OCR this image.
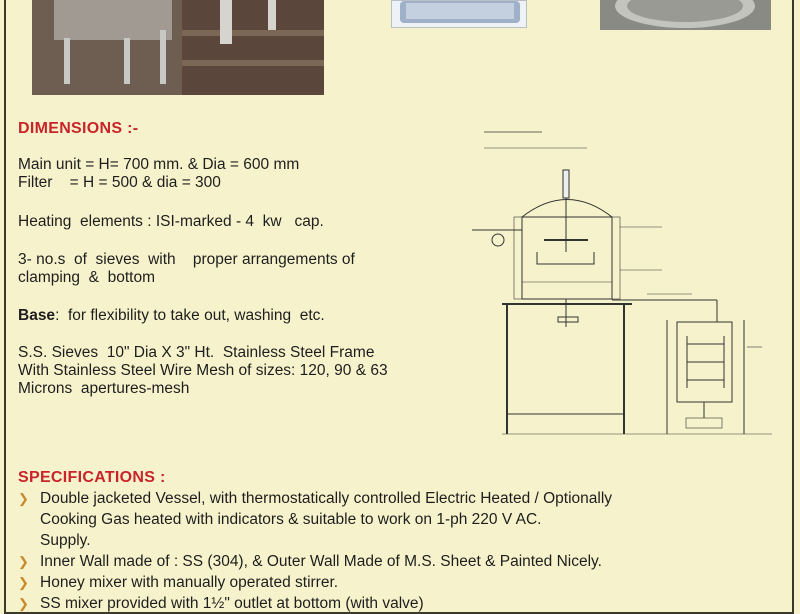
DIMENSIONS :-
Main unit = H= 700 mm. & Dia = 600 mm
Filter    = H = 500 & dia = 300
Heating  elements : ISI-marked - 4  kw   cap.
3- no.s  of  sieves  with    proper arrangements of
clamping  &  bottom
Base:  for flexibility to take out, washing  etc.
S.S. Sieves  10" Dia X 3" Ht.  Stainless Steel Frame
With Stainless Steel Wire Mesh of sizes: 120, 90 & 63
Microns  apertures-mesh
SPECIFICATIONS :
❯ Double jacketed Vessel, with thermostatically controlled Electric Heated / Optionally
Cooking Gas heated with indicators & suitable to work on 1-ph 220 V AC.
Supply.
❯ Inner Wall made of : SS (304), & Outer Wall Made of M.S. Sheet & Painted Nicely.
❯ Honey mixer with manually operated stirrer.
❯ SS mixer provided with 1½" outlet at bottom (with valve)
